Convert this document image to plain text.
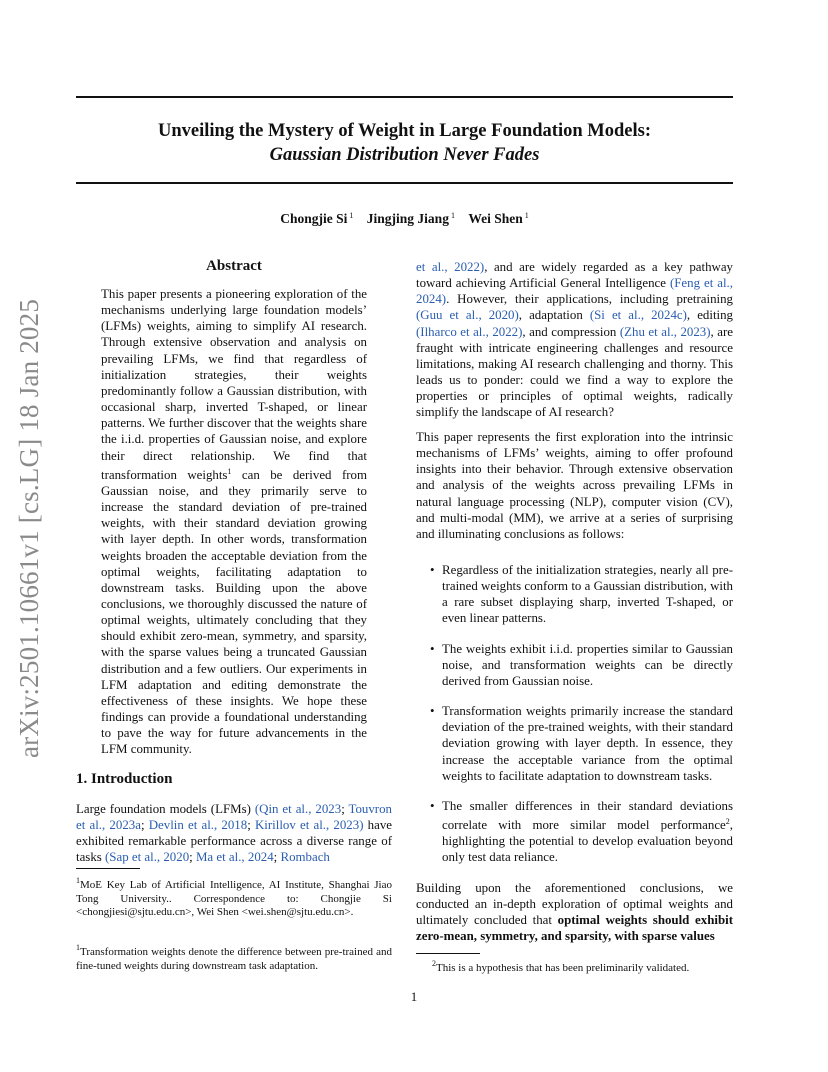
arXiv:2501.10661v1 [cs.LG] 18 Jan 2025
Unveiling the Mystery of Weight in Large Foundation Models:
Gaussian Distribution Never Fades
Chongjie Si $^1$ Jingjing Jiang $^1$ Wei Shen $^1$
Abstract
This paper presents a pioneering exploration of the mechanisms underlying large foundation models’ (LFMs) weights, aiming to simplify AI research. Through extensive observation and analysis on prevailing LFMs, we find that regardless of initialization strategies, their weights predominantly follow a Gaussian distribution, with occasional sharp, inverted T-shaped, or linear patterns. We further discover that the weights share the i.i.d. properties of Gaussian noise, and explore their direct relationship. We find that transformation weights$^1$ can be derived from Gaussian noise, and they primarily serve to increase the standard deviation of pre-trained weights, with their standard deviation growing with layer depth. In other words, transformation weights broaden the acceptable deviation from the optimal weights, facilitating adaptation to downstream tasks. Building upon the above conclusions, we thoroughly discussed the nature of optimal weights, ultimately concluding that they should exhibit zero-mean, symmetry, and sparsity, with the sparse values being a truncated Gaussian distribution and a few outliers. Our experiments in LFM adaptation and editing demonstrate the effectiveness of these insights. We hope these findings can provide a foundational understanding to pave the way for future advancements in the LFM community.
1. Introduction
Large foundation models (LFMs) (Qin et al., 2023; Touvron et al., 2023a; Devlin et al., 2018; Kirillov et al., 2023) have exhibited remarkable performance across a diverse range of tasks (Sap et al., 2020; Ma et al., 2024; Rombach
$^1$MoE Key Lab of Artificial Intelligence, AI Institute, Shanghai Jiao Tong University.. Correspondence to: Chongjie Si <chongjiesi@sjtu.edu.cn>, Wei Shen <wei.shen@sjtu.edu.cn>.
$^1$Transformation weights denote the difference between pre-trained and fine-tuned weights during downstream task adaptation.
et al., 2022), and are widely regarded as a key pathway toward achieving Artificial General Intelligence (Feng et al., 2024). However, their applications, including pretraining (Guu et al., 2020), adaptation (Si et al., 2024c), editing (Ilharco et al., 2022), and compression (Zhu et al., 2023), are fraught with intricate engineering challenges and resource limitations, making AI research challenging and thorny. This leads us to ponder: could we find a way to explore the properties or principles of optimal weights, radically simplify the landscape of AI research?
This paper represents the first exploration into the intrinsic mechanisms of LFMs’ weights, aiming to offer profound insights into their behavior. Through extensive observation and analysis of the weights across prevailing LFMs in natural language processing (NLP), computer vision (CV), and multi-modal (MM), we arrive at a series of surprising and illuminating conclusions as follows:
• Regardless of the initialization strategies, nearly all pre-trained weights conform to a Gaussian distribution, with a rare subset displaying sharp, inverted T-shaped, or even linear patterns.
• The weights exhibit i.i.d. properties similar to Gaussian noise, and transformation weights can be directly derived from Gaussian noise.
• Transformation weights primarily increase the standard deviation of the pre-trained weights, with their standard deviation growing with layer depth. In essence, they increase the acceptable variance from the optimal weights to facilitate adaptation to downstream tasks.
• The smaller differences in their standard deviations correlate with more similar model performance$^2$, highlighting the potential to develop evaluation beyond only test data reliance.
Building upon the aforementioned conclusions, we conducted an in-depth exploration of optimal weights and ultimately concluded that optimal weights should exhibit zero-mean, symmetry, and sparsity, with sparse values
$^2$This is a hypothesis that has been preliminarily validated.
1
